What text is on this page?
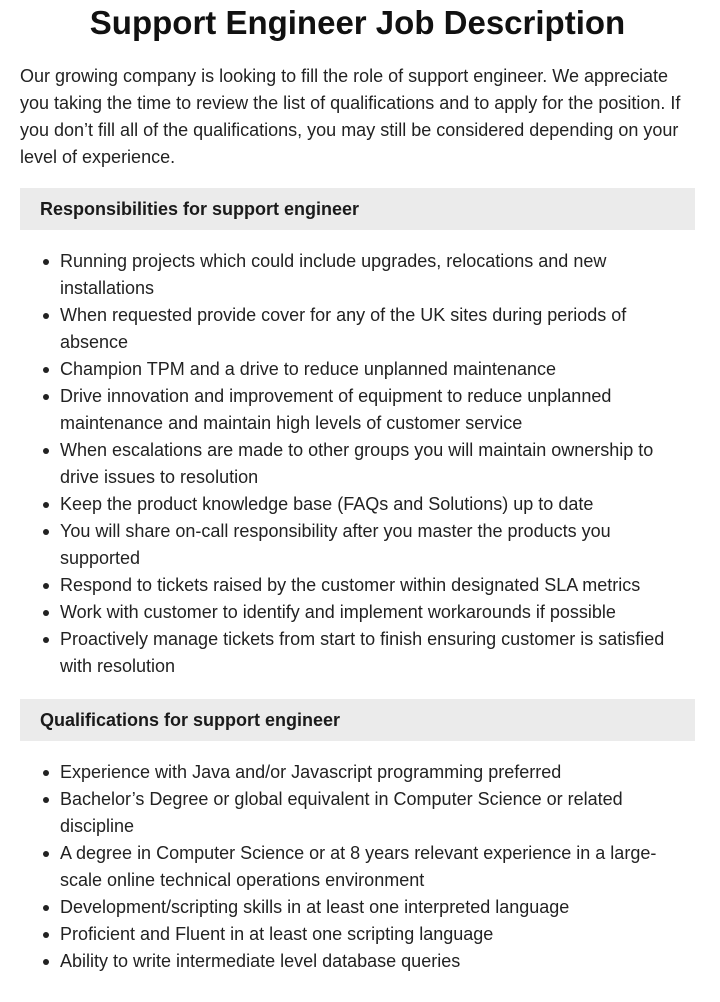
Support Engineer Job Description

Our growing company is looking to fill the role of support engineer. We appreciate you taking the time to review the list of qualifications and to apply for the position. If you don’t fill all of the qualifications, you may still be considered depending on your level of experience.

Responsibilities for support engineer
Running projects which could include upgrades, relocations and new installations
When requested provide cover for any of the UK sites during periods of absence
Champion TPM and a drive to reduce unplanned maintenance
Drive innovation and improvement of equipment to reduce unplanned maintenance and maintain high levels of customer service
When escalations are made to other groups you will maintain ownership to drive issues to resolution
Keep the product knowledge base (FAQs and Solutions) up to date
You will share on-call responsibility after you master the products you supported
Respond to tickets raised by the customer within designated SLA metrics
Work with customer to identify and implement workarounds if possible
Proactively manage tickets from start to finish ensuring customer is satisfied with resolution
Qualifications for support engineer
Experience with Java and/or Javascript programming preferred
Bachelor’s Degree or global equivalent in Computer Science or related discipline
A degree in Computer Science or at 8 years relevant experience in a large-scale online technical operations environment
Development/scripting skills in at least one interpreted language
Proficient and Fluent in at least one scripting language
Ability to write intermediate level database queries
